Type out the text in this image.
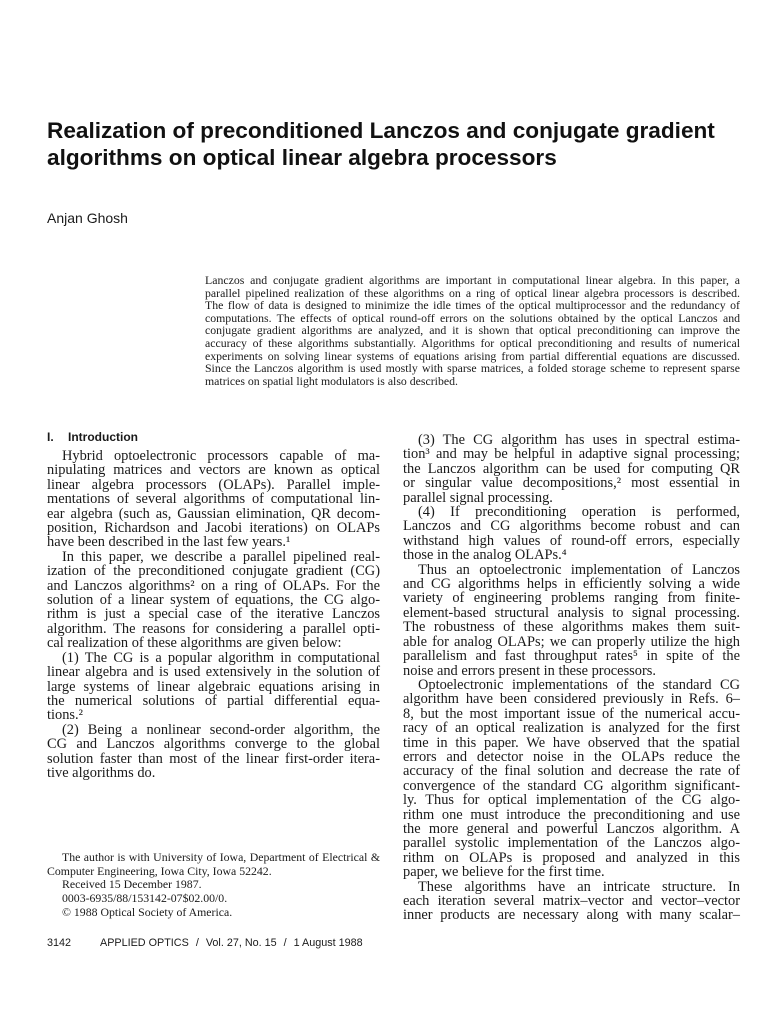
Realization of preconditioned Lanczos and conjugate gradient
algorithms on optical linear algebra processors
Anjan Ghosh
Lanczos and conjugate gradient algorithms are important in computational linear algebra. In this paper, a
parallel pipelined realization of these algorithms on a ring of optical linear algebra processors is described.
The flow of data is designed to minimize the idle times of the optical multiprocessor and the redundancy of
computations. The effects of optical round-off errors on the solutions obtained by the optical Lanczos and
conjugate gradient algorithms are analyzed, and it is shown that optical preconditioning can improve the
accuracy of these algorithms substantially. Algorithms for optical preconditioning and results of numerical
experiments on solving linear systems of equations arising from partial differential equations are discussed.
Since the Lanczos algorithm is used mostly with sparse matrices, a folded storage scheme to represent sparse
matrices on spatial light modulators is also described.
I. Introduction
Hybrid optoelectronic processors capable of ma-
nipulating matrices and vectors are known as optical
linear algebra processors (OLAPs). Parallel imple-
mentations of several algorithms of computational lin-
ear algebra (such as, Gaussian elimination, QR decom-
position, Richardson and Jacobi iterations) on OLAPs
have been described in the last few years.¹
In this paper, we describe a parallel pipelined real-
ization of the preconditioned conjugate gradient (CG)
and Lanczos algorithms² on a ring of OLAPs. For the
solution of a linear system of equations, the CG algo-
rithm is just a special case of the iterative Lanczos
algorithm. The reasons for considering a parallel opti-
cal realization of these algorithms are given below:
(1) The CG is a popular algorithm in computational
linear algebra and is used extensively in the solution of
large systems of linear algebraic equations arising in
the numerical solutions of partial differential equa-
tions.²
(2) Being a nonlinear second-order algorithm, the
CG and Lanczos algorithms converge to the global
solution faster than most of the linear first-order itera-
tive algorithms do.
(3) The CG algorithm has uses in spectral estima-
tion³ and may be helpful in adaptive signal processing;
the Lanczos algorithm can be used for computing QR
or singular value decompositions,² most essential in
parallel signal processing.
(4) If preconditioning operation is performed,
Lanczos and CG algorithms become robust and can
withstand high values of round-off errors, especially
those in the analog OLAPs.⁴
Thus an optoelectronic implementation of Lanczos
and CG algorithms helps in efficiently solving a wide
variety of engineering problems ranging from finite-
element-based structural analysis to signal processing.
The robustness of these algorithms makes them suit-
able for analog OLAPs; we can properly utilize the high
parallelism and fast throughput rates⁵ in spite of the
noise and errors present in these processors.
Optoelectronic implementations of the standard CG
algorithm have been considered previously in Refs. 6–
8, but the most important issue of the numerical accu-
racy of an optical realization is analyzed for the first
time in this paper. We have observed that the spatial
errors and detector noise in the OLAPs reduce the
accuracy of the final solution and decrease the rate of
convergence of the standard CG algorithm significant-
ly. Thus for optical implementation of the CG algo-
rithm one must introduce the preconditioning and use
the more general and powerful Lanczos algorithm. A
parallel systolic implementation of the Lanczos algo-
rithm on OLAPs is proposed and analyzed in this
paper, we believe for the first time.
These algorithms have an intricate structure. In
each iteration several matrix–vector and vector–vector
inner products are necessary along with many scalar–
The author is with University of Iowa, Department of Electrical &
Computer Engineering, Iowa City, Iowa 52242.
Received 15 December 1987.
0003-6935/88/153142-07$02.00/0.
© 1988 Optical Society of America.
3142	APPLIED OPTICS / Vol. 27, No. 15 / 1 August 1988
